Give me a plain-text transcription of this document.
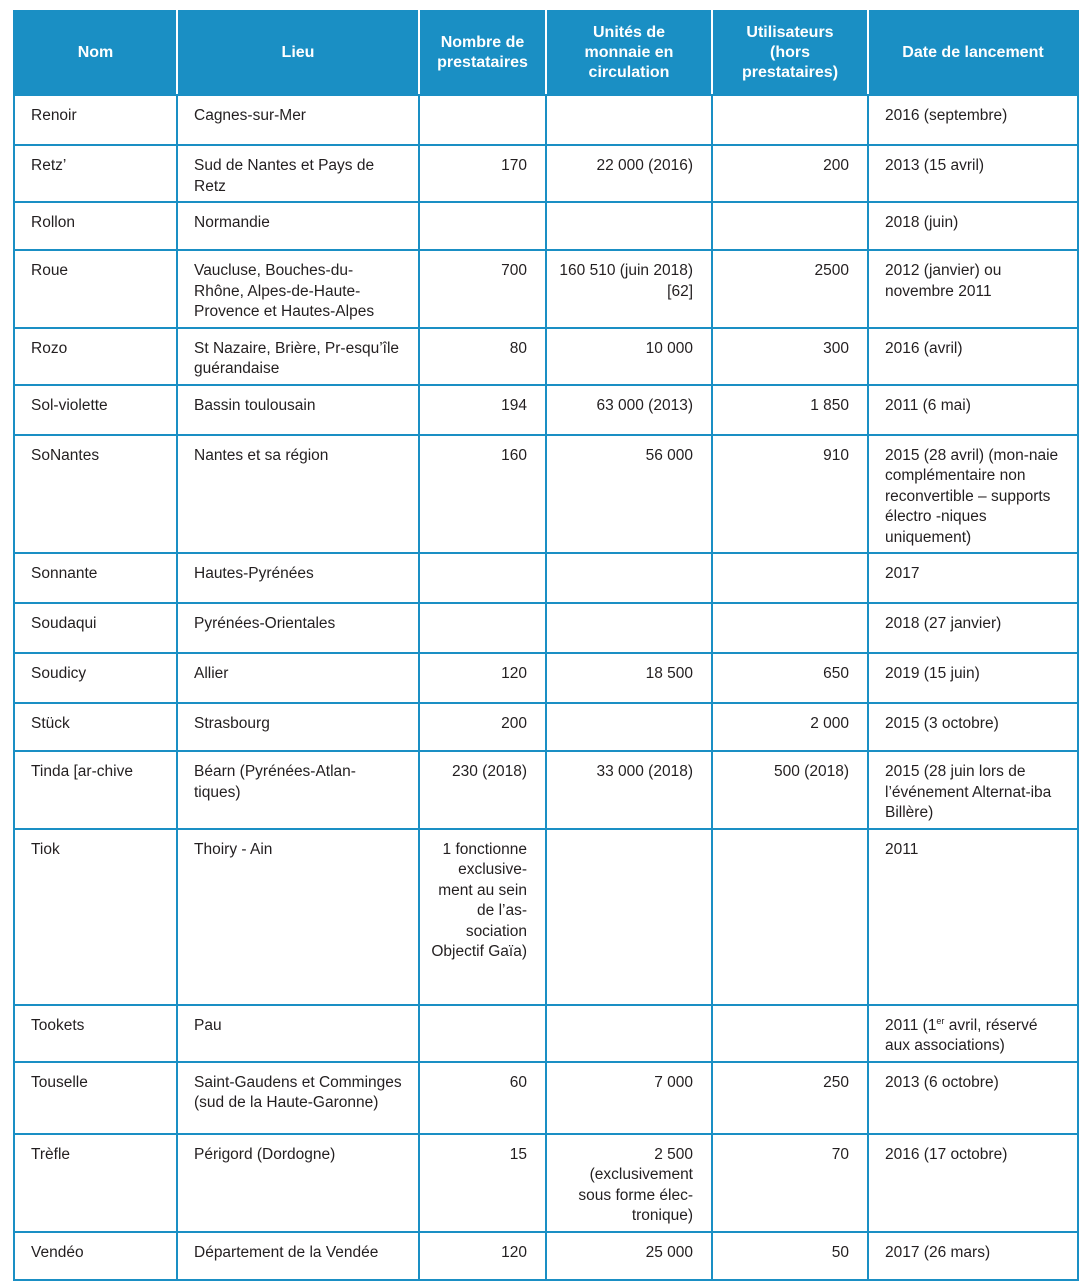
Nom	Lieu	Nombre de prestataires	Unités de monnaie en circulation	Utilisateurs (hors prestataires)	Date de lancement
Renoir	Cagnes-sur-Mer				2016 (septembre)
Retz’	Sud de Nantes et Pays de Retz	170	22 000 (2016)	200	2013 (15 avril)
Rollon	Normandie				2018 (juin)
Roue	Vaucluse, Bouches-du-Rhône, Alpes-de-Haute-Provence et Hautes-Alpes	700	160 510 (juin 2018)[62]	2500	2012 (janvier) ou novembre 2011
Rozo	St Nazaire, Brière, Pr-esqu’île guérandaise	80	10 000	300	2016 (avril)
Sol-violette	Bassin toulousain	194	63 000 (2013)	1 850	2011 (6 mai)
SoNantes	Nantes et sa région	160	56 000	910	2015 (28 avril) (mon-naie complémentaire non reconvertible – supports électro -niques uniquement)
Sonnante	Hautes-Pyrénées				2017
Soudaqui	Pyrénées-Orientales				2018 (27 janvier)
Soudicy	Allier	120	18 500	650	2019 (15 juin)
Stück	Strasbourg	200		2 000	2015 (3 octobre)
Tinda [ar-chive	Béarn (Pyrénées-Atlan-tiques)	230 (2018)	33 000 (2018)	500 (2018)	2015 (28 juin lors de l’événement Alternat-iba Billère)
Tiok	Thoiry - Ain	1 fonctionne exclusive-ment au sein de l’as-sociation Objectif Gaïa)			2011
Tookets	Pau				2011 (1er avril, réservé aux associations)
Touselle	Saint-Gaudens et Comminges (sud de la Haute-Garonne)	60	7 000	250	2013 (6 octobre)
Trèfle	Périgord (Dordogne)	15	2 500 (exclusivement sous forme élec-tronique)	70	2016 (17 octobre)
Vendéo	Département de la Vendée	120	25 000	50	2017 (26 mars)
